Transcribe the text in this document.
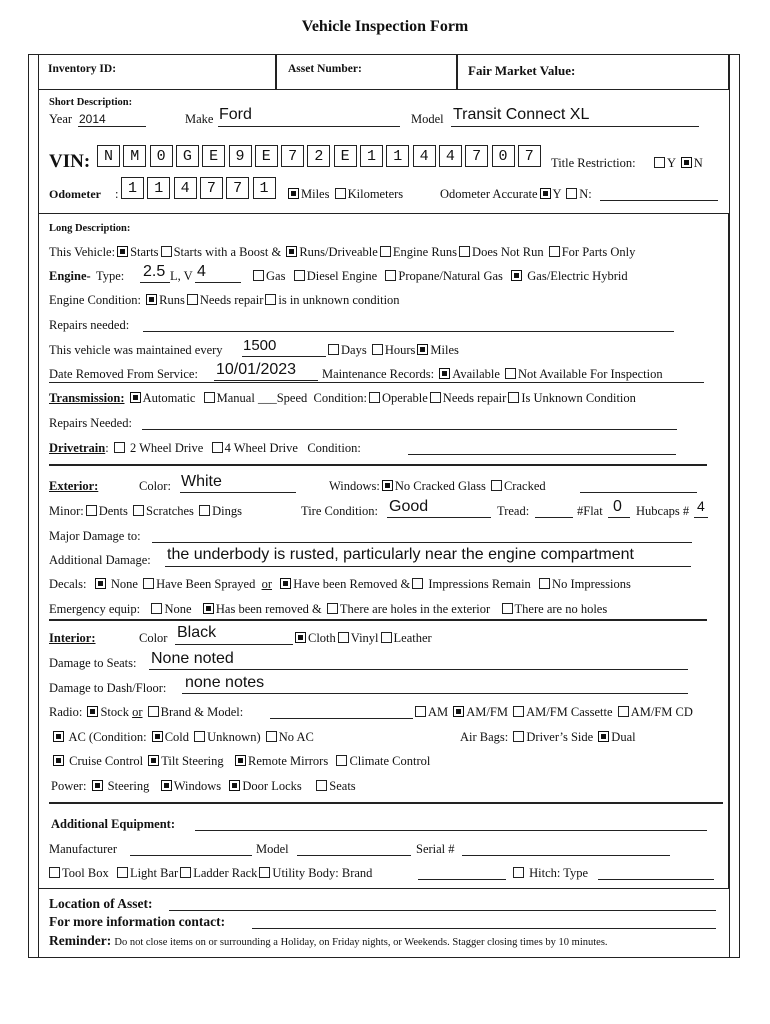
Vehicle Inspection Form
Inventory ID:	Asset Number:	Fair Market Value:
Short Description:
Year 2014	Make Ford	Model Transit Connect XL
VIN: N	M	0	G	E	9	E	7	2	E	1	1	4	4	7	0	7	Title Restriction:	Y N
Odometer : 1	1	4	7	7	1	Miles Kilometers	Odometer Accurate Y N:
Long Description:
This Vehicle: Starts Starts with a Boost & Runs/Driveable Engine Runs Does Not Run For Parts Only
Engine- Type: 2.5 L, V 4	Gas Diesel Engine Propane/Natural Gas Gas/Electric Hybrid
Engine Condition: Runs Needs repair is in unknown condition
Repairs needed:
This vehicle was maintained every 1500	Days Hours Miles
Date Removed From Service: 10/01/2023 Maintenance Records: Available Not Available For Inspection
Transmission: Automatic Manual ___Speed Condition: Operable Needs repair Is Unknown Condition
Repairs Needed:
Drivetrain:  2 Wheel Drive 4 Wheel Drive Condition:
Exterior:	Color: White	Windows: No Cracked Glass Cracked
Minor: Dents Scratches Dings	Tire Condition: Good	Tread:	#Flat 0 Hubcaps # 4
Major Damage to:
Additional Damage: the underbody is rusted, particularly near the engine compartment
Decals: None Have Been Sprayed or Have been Removed & Impressions Remain No Impressions
Emergency equip: None Has been removed & There are holes in the exterior There are no holes
Interior:	Color Black	Cloth Vinyl Leather
Damage to Seats: None noted
Damage to Dash/Floor: none notes
Radio: Stock or Brand & Model:	AM AM/FM AM/FM Cassette AM/FM CD
AC (Condition: Cold Unknown) No AC	Air Bags: Driver’s Side Dual
Cruise Control Tilt Steering Remote Mirrors Climate Control
Power: Steering Windows Door Locks Seats
Additional Equipment:
Manufacturer	Model	Serial #
Tool Box Light Bar Ladder Rack Utility Body: Brand	Hitch: Type
Location of Asset:
For more information contact:
Reminder: Do not close items on or surrounding a Holiday, on Friday nights, or Weekends. Stagger closing times by 10 minutes.
